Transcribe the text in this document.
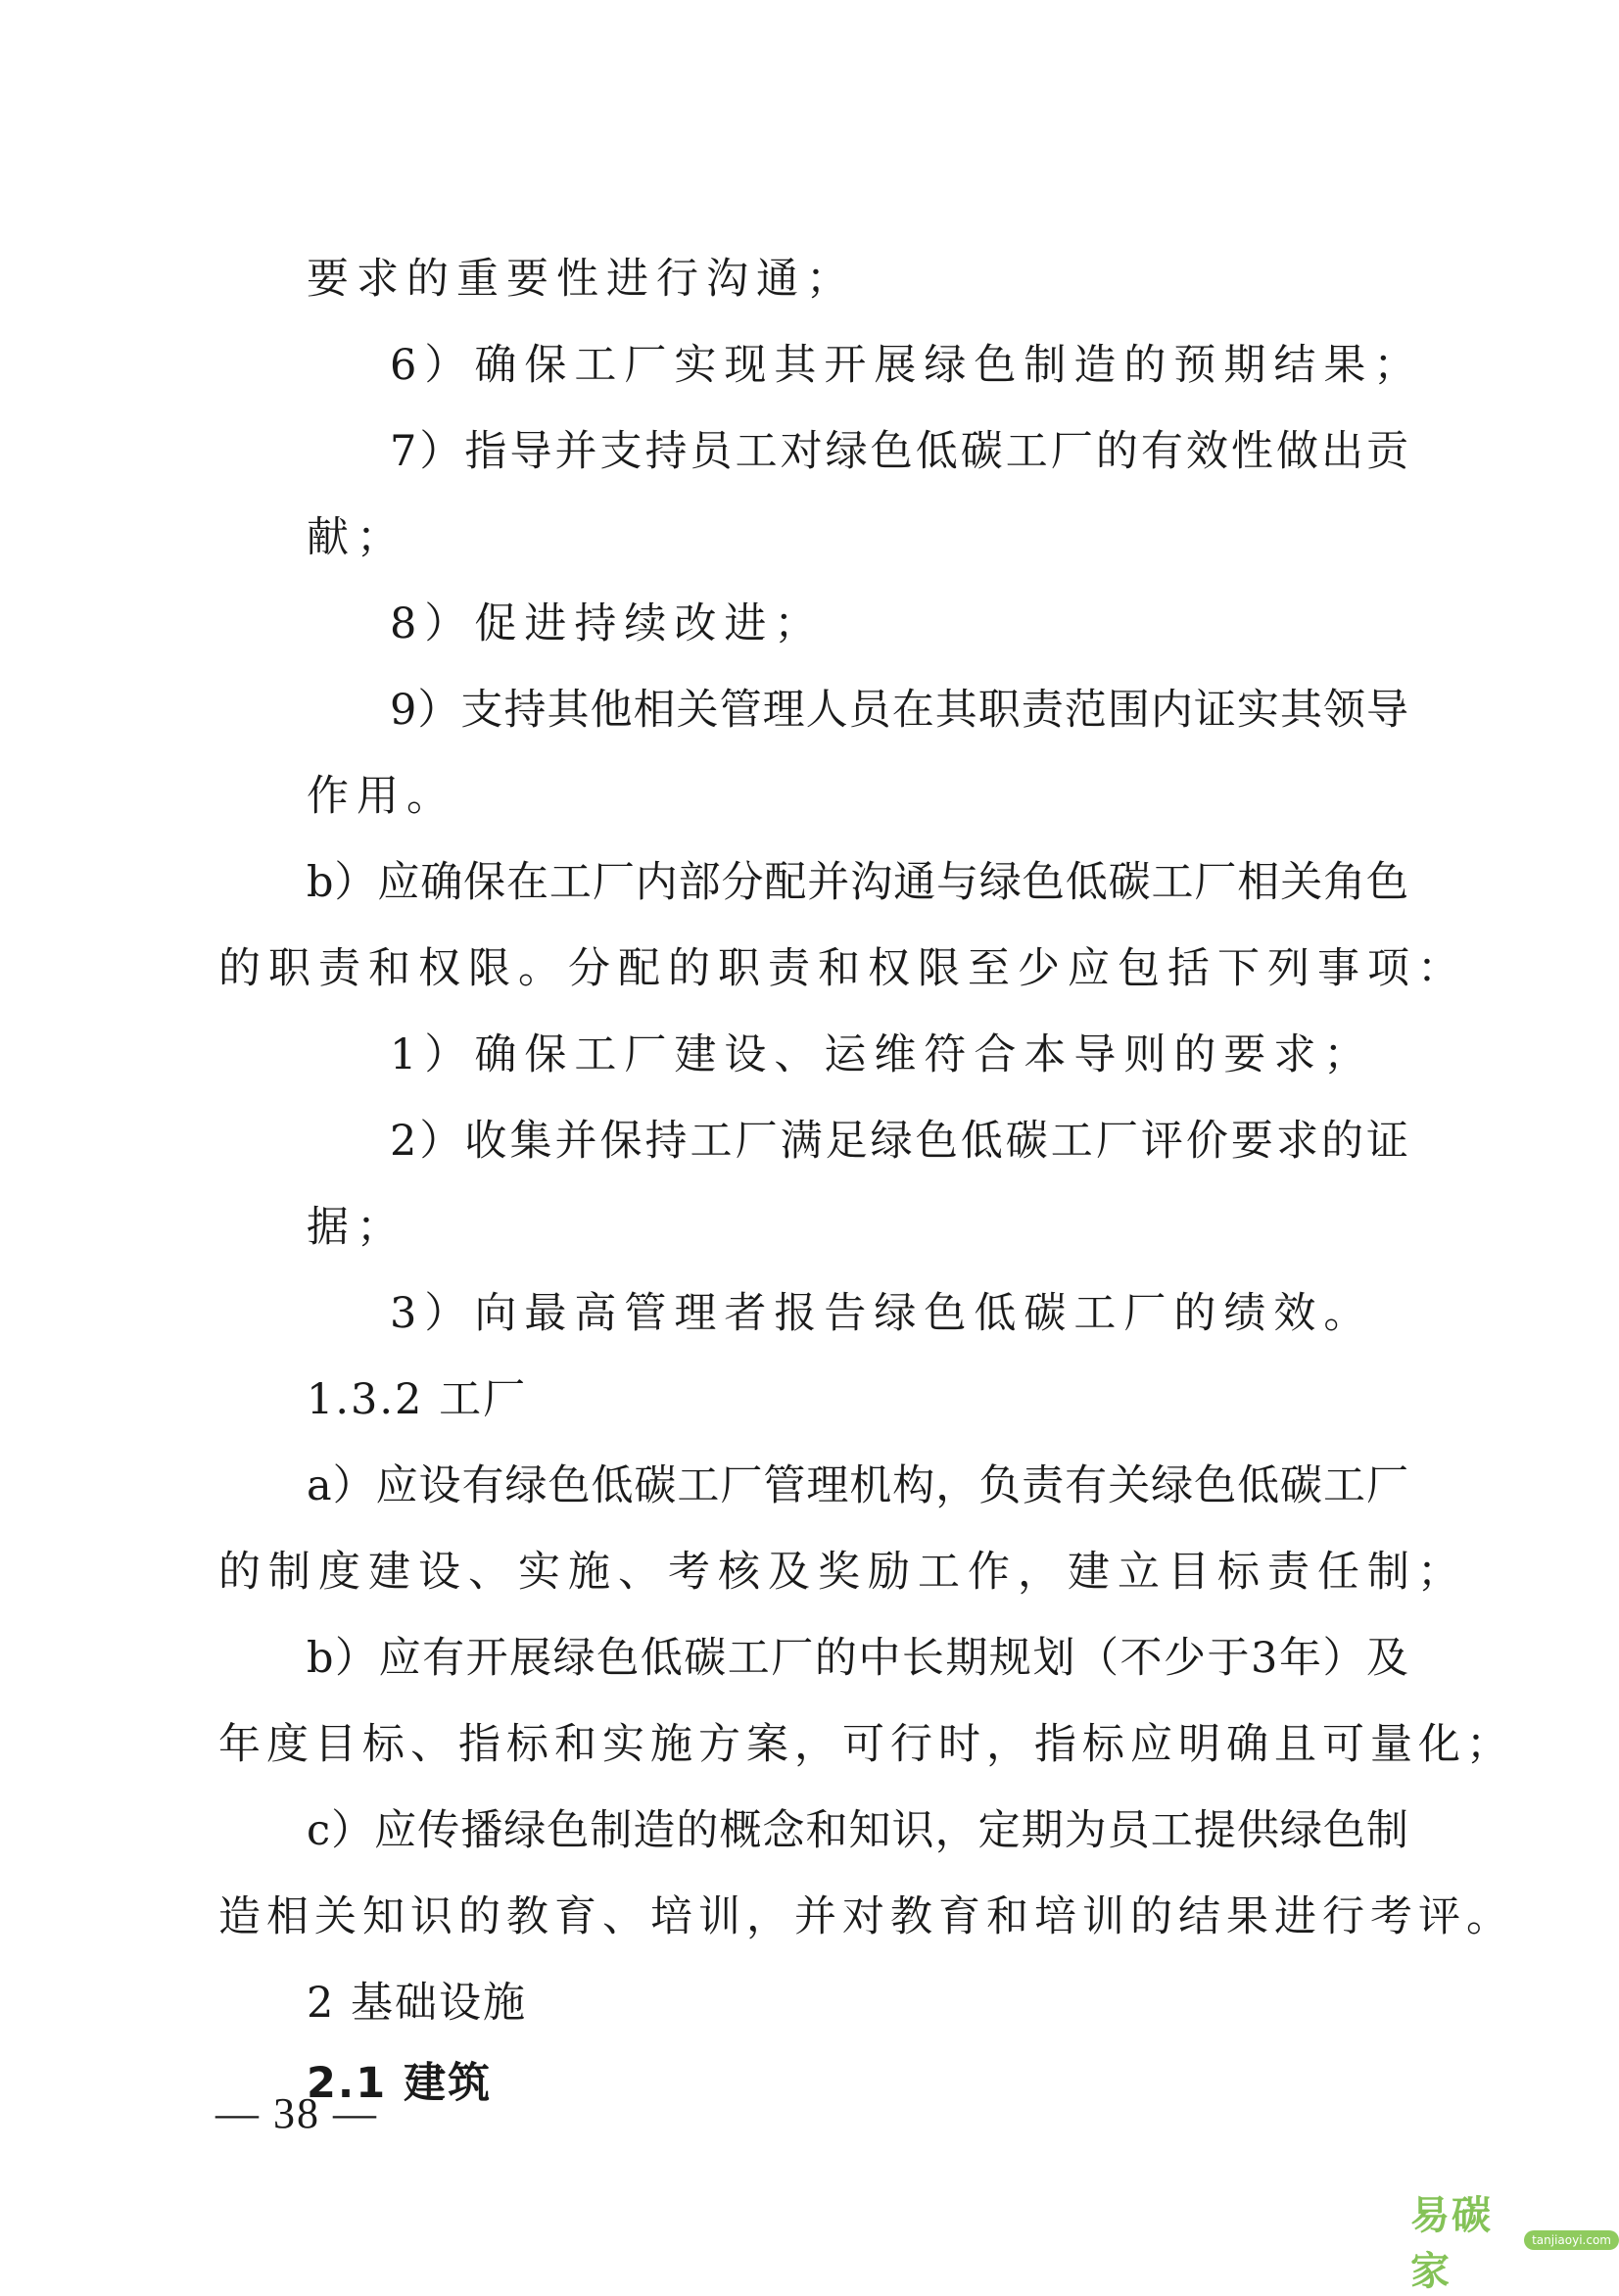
要求的重要性进行沟通；
6）确保工厂实现其开展绿色制造的预期结果；
7）指导并支持员工对绿色低碳工厂的有效性做出贡
献；
8）促进持续改进；
9）支持其他相关管理人员在其职责范围内证实其领导
作用。
b）应确保在工厂内部分配并沟通与绿色低碳工厂相关角色
的职责和权限。分配的职责和权限至少应包括下列事项：
1）确保工厂建设、运维符合本导则的要求；
2）收集并保持工厂满足绿色低碳工厂评价要求的证
据；
3）向最高管理者报告绿色低碳工厂的绩效。
1.3.2 工厂
a）应设有绿色低碳工厂管理机构，负责有关绿色低碳工厂
的制度建设、实施、考核及奖励工作，建立目标责任制；
b）应有开展绿色低碳工厂的中长期规划（不少于3年）及
年度目标、指标和实施方案，可行时，指标应明确且可量化；
c）应传播绿色制造的概念和知识，定期为员工提供绿色制
造相关知识的教育、培训，并对教育和培训的结果进行考评。
2 基础设施
2.1 建筑
— 38 —
易碳家
tanjiaoyi.com
